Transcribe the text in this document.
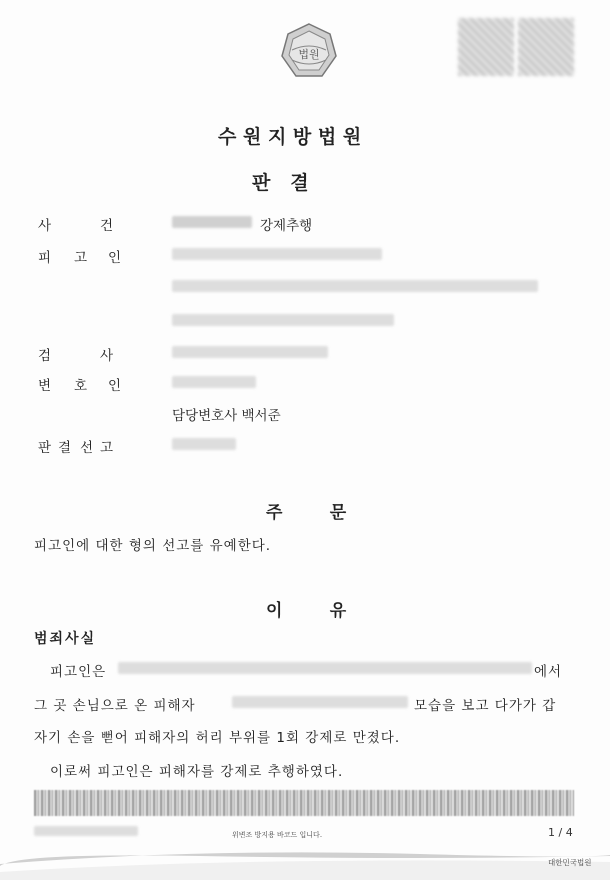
법원
수 원 지 방 법 원
판   결
사	건	강제추행
피 고 인
검	사
변 호 인
담당변호사 백서준
판 결 선 고
주        문
피고인에 대한 형의 선고를 유예한다.
이        유
범죄사실
피고인은	에서
그 곳 손님으로 온 피해자	모습을 보고 다가가 갑
자기 손을 뻗어 피해자의 허리 부위를 1회 강제로 만졌다.
이로써 피고인은 피해자를 강제로 추행하였다.
위변조 방지용 바코드 입니다.	1 / 4
대한민국법원
